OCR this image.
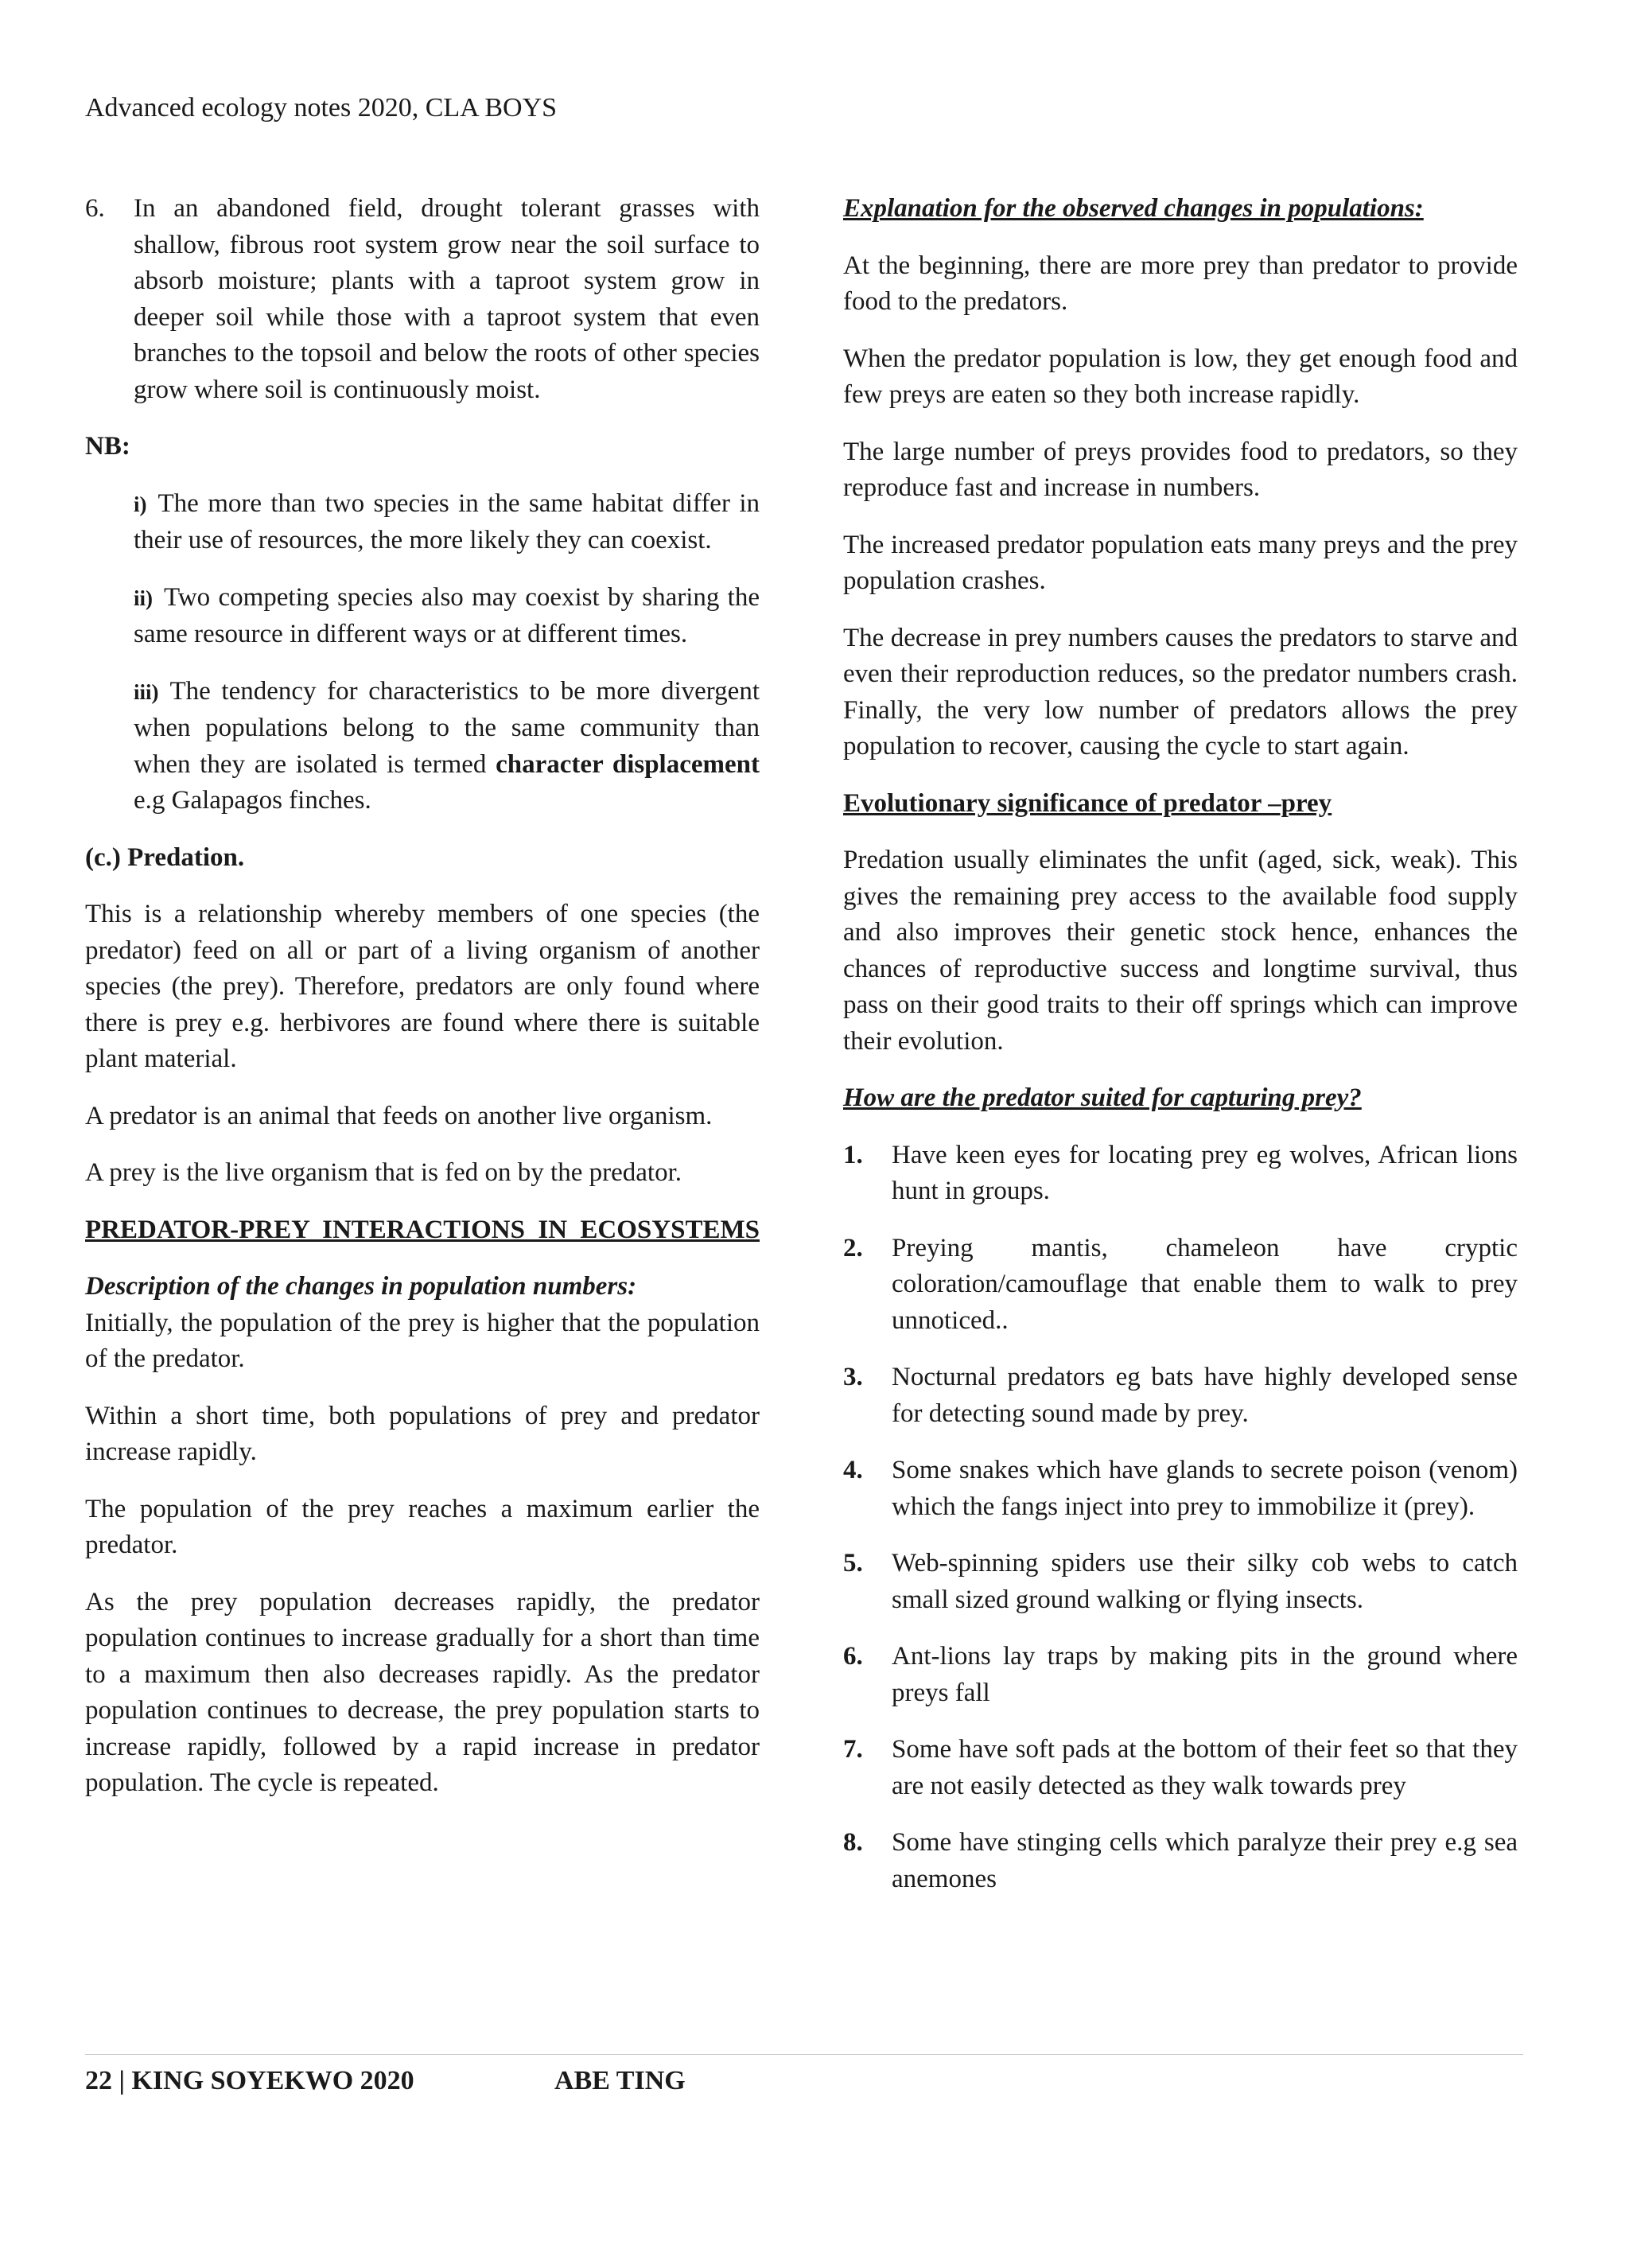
Advanced ecology notes 2020, CLA BOYS
6.	In an abandoned field, drought tolerant grasses with shallow, fibrous root system grow near the soil surface to absorb moisture; plants with a taproot system grow in deeper soil while those with a taproot system that even branches to the topsoil and below the roots of other species grow where soil is continuously moist.

NB:

i) The more than two species in the same habitat differ in their use of resources, the more likely they can coexist.

ii) Two competing species also may coexist by sharing the same resource in different ways or at different times.

iii) The tendency for characteristics to be more divergent when populations belong to the same community than when they are isolated is termed character displacement e.g Galapagos finches.

(c.) Predation.

This is a relationship whereby members of one species (the predator) feed on all or part of a living organism of another species (the prey). Therefore, predators are only found where there is prey e.g. herbivores are found where there is suitable plant material.

A predator is an animal that feeds on another live organism.

A prey is the live organism that is fed on by the predator.

PREDATOR-PREY INTERACTIONS IN ECOSYSTEMS

Description of the changes in population numbers:

Initially, the population of the prey is higher that the population of the predator.

Within a short time, both populations of prey and predator increase rapidly.

The population of the prey reaches a maximum earlier the predator.

As the prey population decreases rapidly, the predator population continues to increase gradually for a short than time to a maximum then also decreases rapidly. As the predator population continues to decrease, the prey population starts to increase rapidly, followed by a rapid increase in predator population. The cycle is repeated.

Explanation for the observed changes in populations:

At the beginning, there are more prey than predator to provide food to the predators.

When the predator population is low, they get enough food and few preys are eaten so they both increase rapidly.

The large number of preys provides food to predators, so they reproduce fast and increase in numbers.

The increased predator population eats many preys and the prey population crashes.

The decrease in prey numbers causes the predators to starve and even their reproduction reduces, so the predator numbers crash. Finally, the very low number of predators allows the prey population to recover, causing the cycle to start again.

Evolutionary significance of predator –prey

Predation usually eliminates the unfit (aged, sick, weak). This gives the remaining prey access to the available food supply and also improves their genetic stock hence, enhances the chances of reproductive success and longtime survival, thus pass on their good traits to their off springs which can improve their evolution.

How are the predator suited for capturing prey?

1.	Have keen eyes for locating prey eg wolves, African lions hunt in groups.
2.	Preying mantis, chameleon have cryptic coloration/camouflage that enable them to walk to prey unnoticed..
3.	Nocturnal predators eg bats have highly developed sense for detecting sound made by prey.
4.	Some snakes which have glands to secrete poison (venom) which the fangs inject into prey to immobilize it (prey).
5.	Web-spinning spiders use their silky cob webs to catch small sized ground walking or flying insects.
6.	Ant-lions lay traps by making pits in the ground where preys fall
7.	Some have soft pads at the bottom of their feet so that they are not easily detected as they walk towards prey
8.	Some have stinging cells which paralyze their prey e.g sea anemones
22 | KING SOYEKWO 2020	ABE TING
